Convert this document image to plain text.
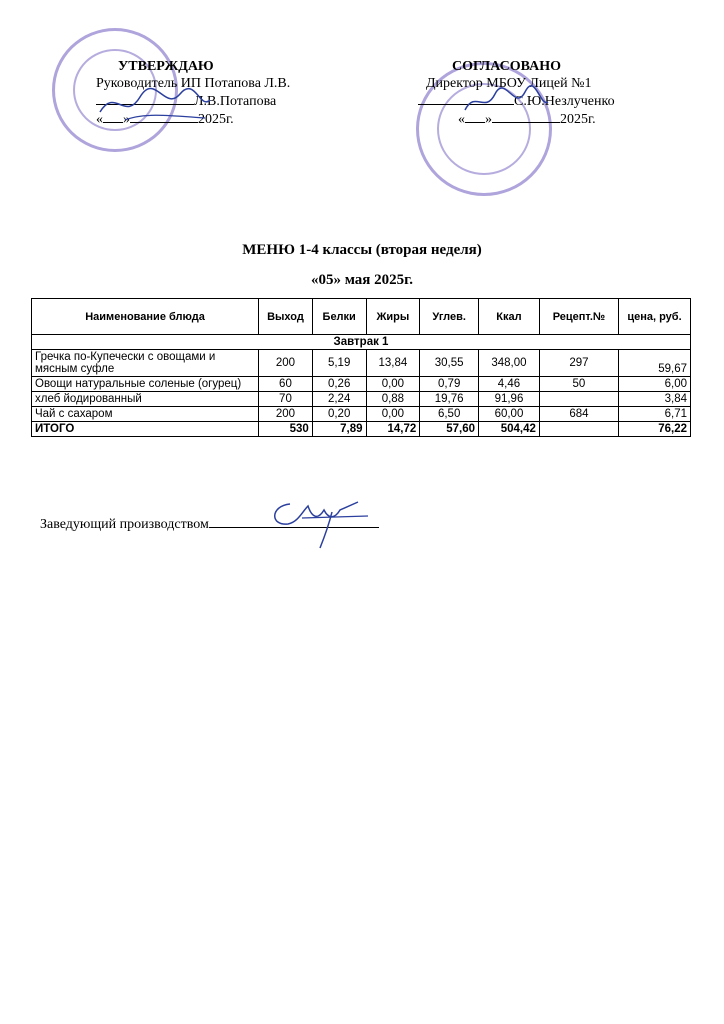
УТВЕРЖДАЮ
Руководитель ИП Потапова Л.В.
Л.В.Потапова
« »	2025г.
СОГЛАСОВАНО
Директор МБОУ Лицей №1
С.Ю.Незлученко
« »	2025г.
МЕНЮ 1-4 классы (вторая неделя)
«05» мая 2025г.
Наименование блюда	Выход	Белки	Жиры	Углев.	Ккал	Рецепт.№	цена, руб.
Завтрак 1							
Гречка по-Купечески с овощами и мясным суфле	200	5,19	13,84	30,55	348,00	297	59,67
Овощи натуральные соленые (огурец)	60	0,26	0,00	0,79	4,46	50	6,00
хлеб йодированный	70	2,24	0,88	19,76	91,96		3,84
Чай с сахаром	200	0,20	0,00	6,50	60,00	684	6,71
ИТОГО	530	7,89	14,72	57,60	504,42		76,22
Заведующий производством
